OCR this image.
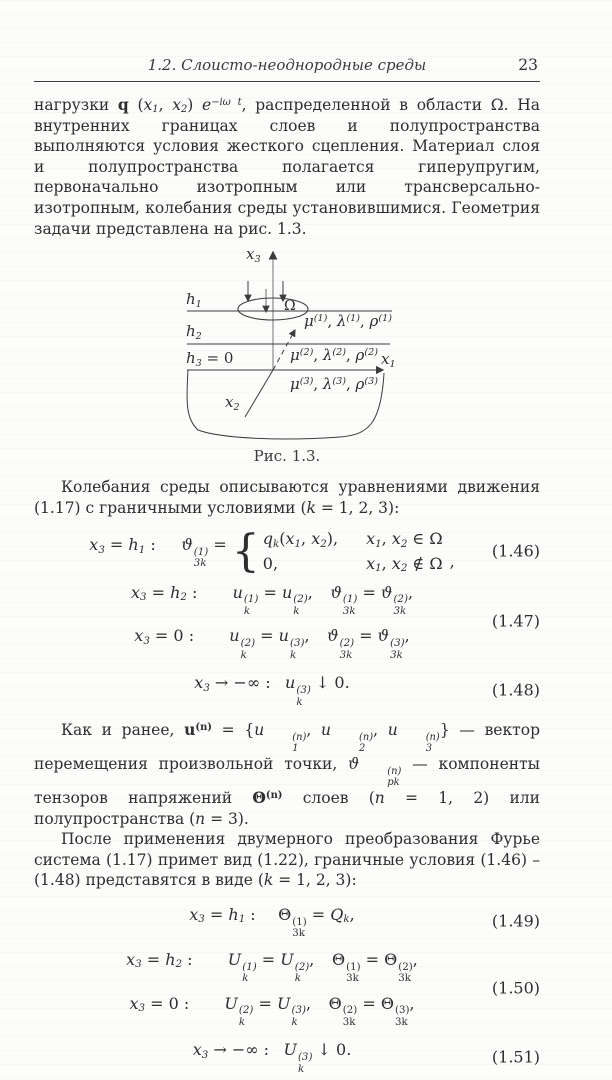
1.2. Слоисто-неоднородные среды	23
нагрузки q ($x_1$, $x_2$) $e^{-i\omega t}$, распределенной в области Ω. На внутренних границах слоев и полупространства выполняются условия жесткого сцепления. Материал слоя и полупространства полагается гиперупругим, первоначально изотропным или трансверсально-изотропным, колебания среды установившимися. Геометрия задачи представлена на рис. 1.3.
$x_3$
$h_1$
$h_2$
$h_3 = 0$
Ω
$x_1$
$x_2$
$\mu^{(1)}$, $\lambda^{(1)}$, $\rho^{(1)}$
$\mu^{(2)}$, $\lambda^{(2)}$, $\rho^{(2)}$
$\mu^{(3)}$, $\lambda^{(3)}$, $\rho^{(3)}$
Рис. 1.3.
Колебания среды описываются уравнениями движения (1.17) с граничными условиями (k = 1, 2, 3):
$x_3 = h_1$ : ϑ (1)
3k
= { $q_k(x_1$, $x_2$), $x_1$, $x_2$ ∈ Ω
0,	$x_1$, $x_2$ ∉ Ω ,
(1.46)
$x_3 = h_2$ : u (1)
k
= u (2)
k
, ϑ (1)
3k
= ϑ (2)
3k
,
$x_3 = 0$ : u (2)
k
= u (3)
k
, ϑ (2)
3k
= ϑ (3)
3k
,
(1.47)
$x_3$ → −∞ : u (3)
k
↓ 0.	(1.48)
Как и ранее, $u^{(n)} = \{u$	(n)
1
, u	(n)
2
, u	(n)
3
} — вектор перемещения произвольной точки, ϑ	(n)
pk
— компоненты тензоров напряжений $\Theta^{(n)}$ слоев (n = 1, 2) или полупространства (n = 3).
После применения двумерного преобразования Фурье система (1.17) примет вид (1.22), граничные условия (1.46) – (1.48) представятся в виде (k = 1, 2, 3):
$x_3 = h_1$ : Θ (1)
3k
= $Q_k$,	(1.49)
$x_3 = h_2$ : U (1)
k
= U (2)
k
, Θ (1)
3k
= Θ (2)
3k
,
$x_3 = 0$ : U (2)
k
= U (3)
k
, Θ (2)
3k
= Θ (3)
3k
,
(1.50)
$x_3$ → −∞ : U (3)
k
↓ 0.	(1.51)
